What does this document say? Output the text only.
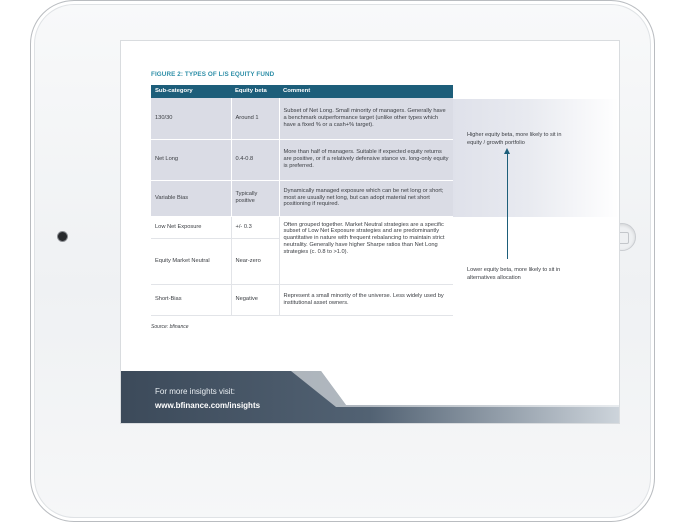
FIGURE 2: TYPES OF L/S EQUITY FUND
Sub-category	Equity beta	Comment
130/30	Around 1	Subset of Net Long. Small minority of managers. Generally have a benchmark outperformance target (unlike other types which have a fixed % or a cash+% target).
Net Long	0.4-0.8	More than half of managers. Suitable if expected equity returns are positive, or if a relatively defensive stance vs. long-only equity is preferred.
Variable Bias	Typically positive	Dynamically managed exposure which can be net long or short; most are usually net long, but can adopt material net short positioning if required.
Low Net Exposure	+/- 0.3	Often grouped together. Market Neutral strategies are a specific subset of Low Net Exposure strategies and are predominantly quantitative in nature with frequent rebalancing to maintain strict neutrality. Generally have higher Sharpe ratios than Net Long strategies (c. 0.8 to >1.0).
Equity Market Neutral	Near-zero	
Short-Bias	Negative	Represent a small minority of the universe. Less widely used by institutional asset owners.
Higher equity beta, more likely to sit in equity / growth portfolio
Lower equity beta, more likely to sit in alternatives allocation
Source: bfinance
For more insights visit:
www.bfinance.com/insights
